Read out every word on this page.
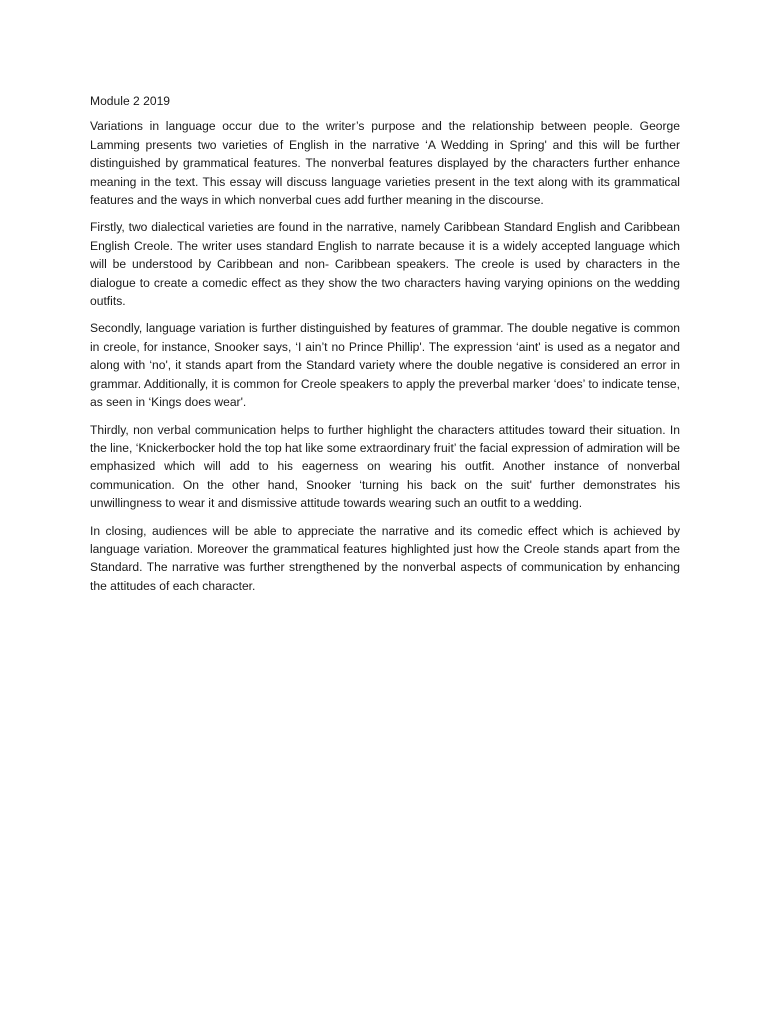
Module 2 2019

Variations in language occur due to the writer’s purpose and the relationship between people. George Lamming presents two varieties of English in the narrative ‘A Wedding in Spring' and this will be further distinguished by grammatical features. The nonverbal features displayed by the characters further enhance meaning in the text. This essay will discuss language varieties present in the text along with its grammatical features and the ways in which nonverbal cues add further meaning in the discourse.

Firstly, two dialectical varieties are found in the narrative, namely Caribbean Standard English and Caribbean English Creole. The writer uses standard English to narrate because it is a widely accepted language which will be understood by Caribbean and non- Caribbean speakers. The creole is used by characters in the dialogue to create a comedic effect as they show the two characters having varying opinions on the wedding outfits.

Secondly, language variation is further distinguished by features of grammar. The double negative is common in creole, for instance, Snooker says, ‘I ain’t no Prince Phillip'. The expression ‘aint' is used as a negator and along with ‘no', it stands apart from the Standard variety where the double negative is considered an error in grammar. Additionally, it is common for Creole speakers to apply the preverbal marker ‘does’ to indicate tense, as seen in ‘Kings does wear'.

Thirdly, non verbal communication helps to further highlight the characters attitudes toward their situation. In the line, ‘Knickerbocker hold the top hat like some extraordinary fruit’ the facial expression of admiration will be emphasized which will add to his eagerness on wearing his outfit. Another instance of nonverbal communication. On the other hand, Snooker ‘turning his back on the suit' further demonstrates his unwillingness to wear it and dismissive attitude towards wearing such an outfit to a wedding.

In closing, audiences will be able to appreciate the narrative and its comedic effect which is achieved by language variation. Moreover the grammatical features highlighted just how the Creole stands apart from the Standard. The narrative was further strengthened by the nonverbal aspects of communication by enhancing the attitudes of each character.
